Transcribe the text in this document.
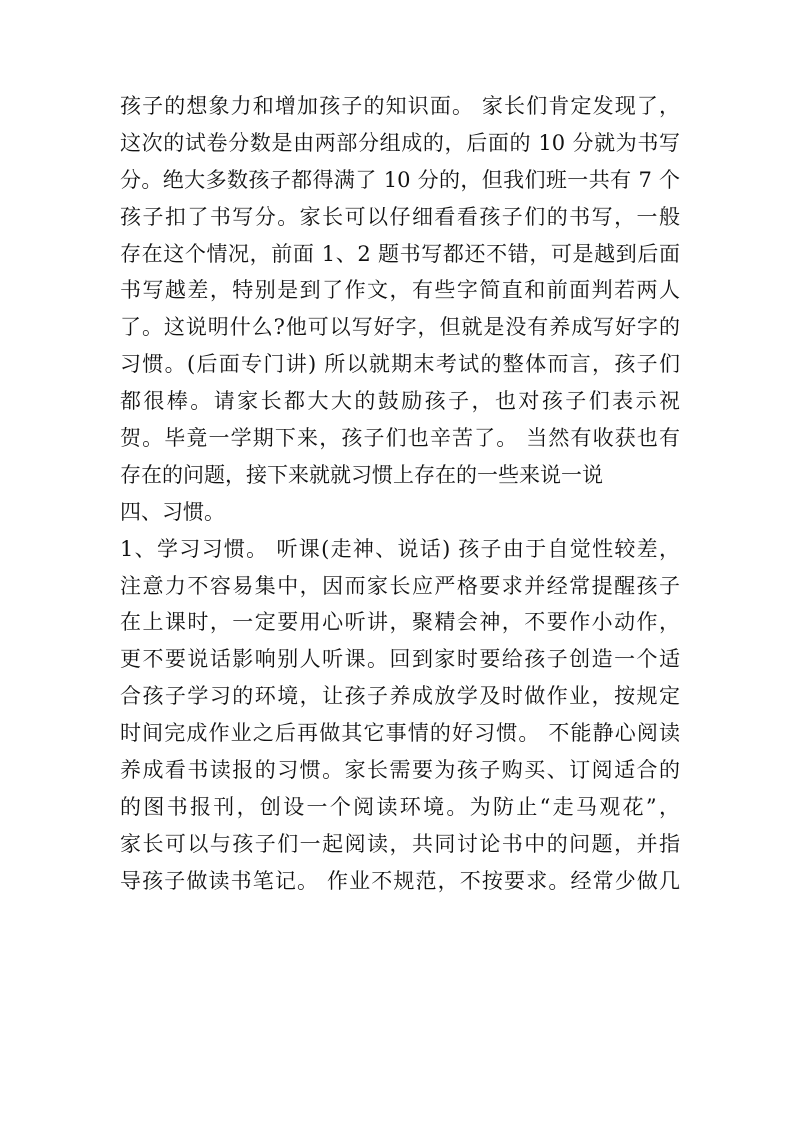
孩子的想象力和增加孩子的知识面。 家长们肯定发现了，
这次的试卷分数是由两部分组成的，后面的 10 分就为书写
分。绝大多数孩子都得满了 10 分的，但我们班一共有 7 个
孩子扣了书写分。家长可以仔细看看孩子们的书写，一般
存在这个情况，前面 1、2 题书写都还不错，可是越到后面
书写越差，特别是到了作文，有些字简直和前面判若两人
了。这说明什么?他可以写好字，但就是没有养成写好字的
习惯。(后面专门讲) 所以就期末考试的整体而言，孩子们
都很棒。请家长都大大的鼓励孩子，也对孩子们表示祝
贺。毕竟一学期下来，孩子们也辛苦了。 当然有收获也有
存在的问题，接下来就就习惯上存在的一些来说一说
四、习惯。
1、学习习惯。 听课(走神、说话) 孩子由于自觉性较差，
注意力不容易集中，因而家长应严格要求并经常提醒孩子
在上课时，一定要用心听讲，聚精会神，不要作小动作，
更不要说话影响别人听课。回到家时要给孩子创造一个适
合孩子学习的环境，让孩子养成放学及时做作业，按规定
时间完成作业之后再做其它事情的好习惯。 不能静心阅读
养成看书读报的习惯。家长需要为孩子购买、订阅适合的
的图书报刊，创设一个阅读环境。为防止“走马观花”，
家长可以与孩子们一起阅读，共同讨论书中的问题，并指
导孩子做读书笔记。 作业不规范，不按要求。经常少做几
